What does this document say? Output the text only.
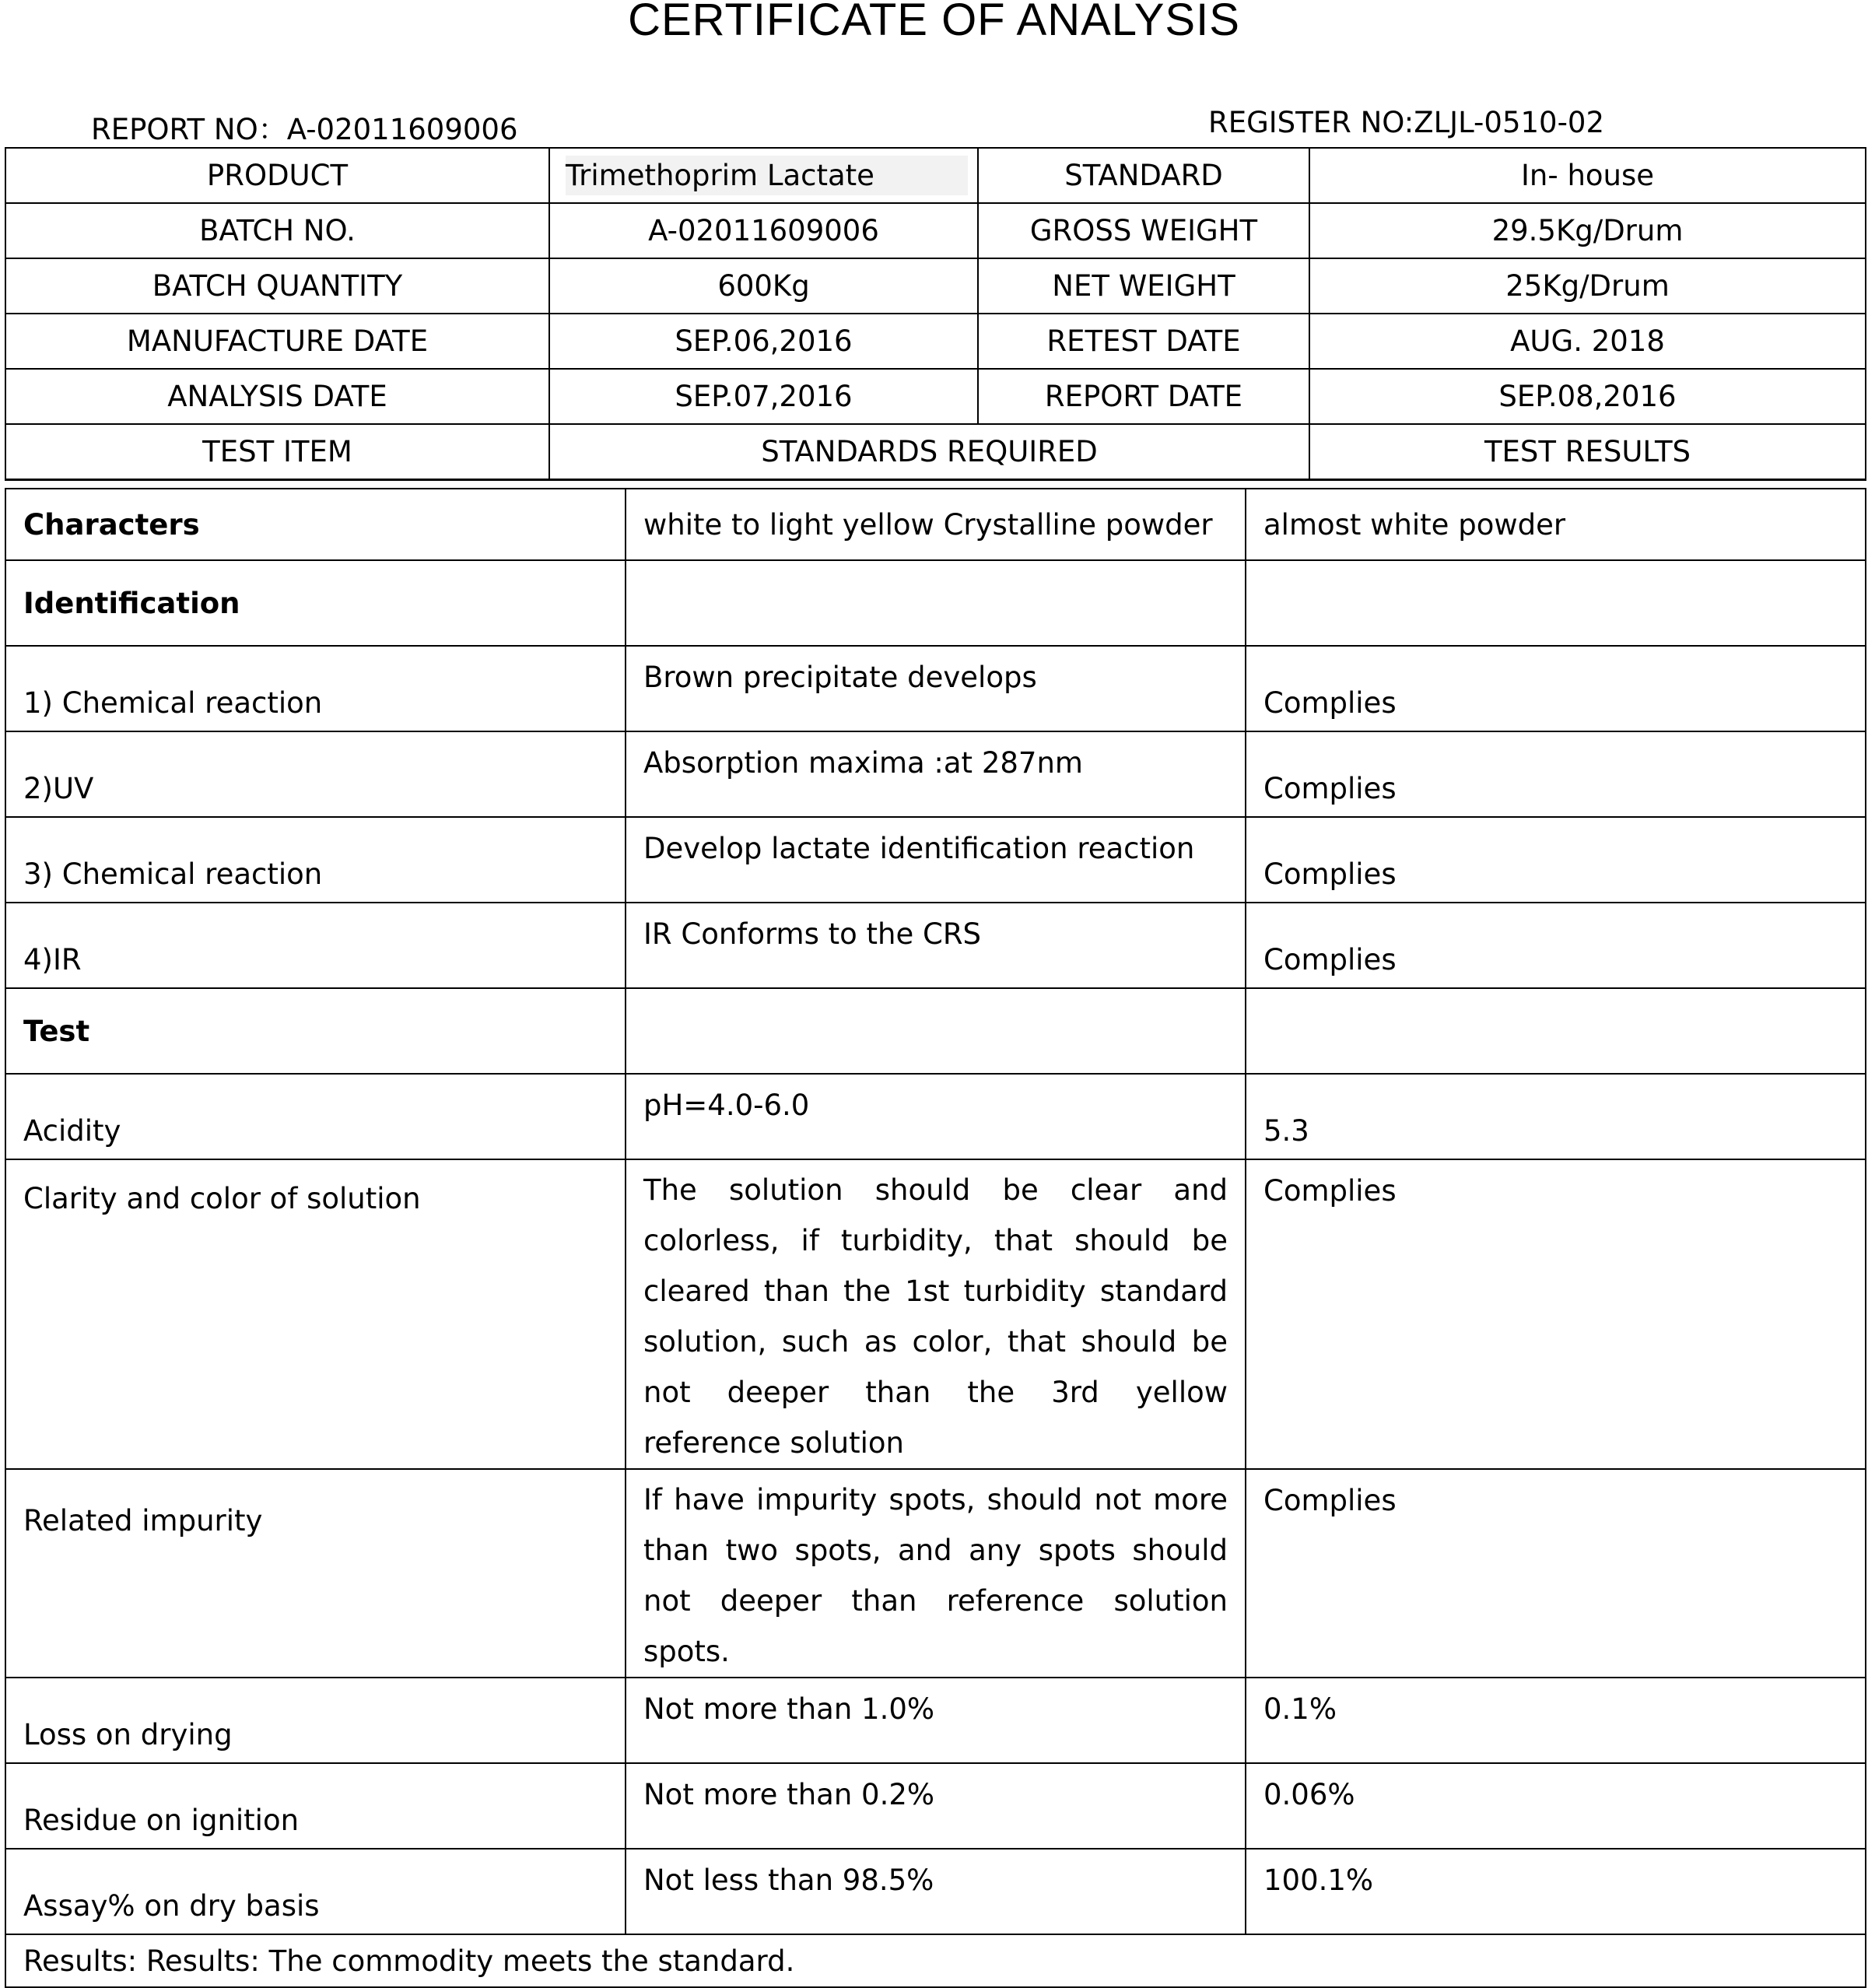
CERTIFICATE OF ANALYSIS
REPORT NO：A-02011609006	REGISTER NO:ZLJL-0510-02
PRODUCT	Trimethoprim Lactate	STANDARD	In- house
BATCH NO.	A-02011609006	GROSS WEIGHT	29.5Kg/Drum
BATCH QUANTITY	600Kg	NET WEIGHT	25Kg/Drum
MANUFACTURE DATE	SEP.06,2016	RETEST DATE	AUG. 2018
ANALYSIS DATE	SEP.07,2016	REPORT DATE	SEP.08,2016
TEST ITEM	STANDARDS REQUIRED		TEST RESULTS
Characters	white to light yellow Crystalline powder	almost white powder
Identification		
1) Chemical reaction	Brown precipitate develops	Complies
2)UV	Absorption maxima :at 287nm	Complies
3) Chemical reaction	Develop lactate identification reaction	Complies
4)IR	IR Conforms to the CRS	Complies
Test		
Acidity	pH=4.0-6.0	5.3
Clarity and color of solution	The solution should be clear and colorless, if turbidity, that should be cleared than the 1st turbidity standard solution, such as color, that should be not deeper than the 3rd yellow reference solution	Complies
Related impurity	If have impurity spots, should not more than two spots, and any spots should not deeper than reference solution spots.	Complies
Loss on drying	Not more than 1.0%	0.1%
Residue on ignition	Not more than 0.2%	0.06%
Assay% on dry basis	Not less than 98.5%	100.1%
Results: Results: The commodity meets the standard.		
